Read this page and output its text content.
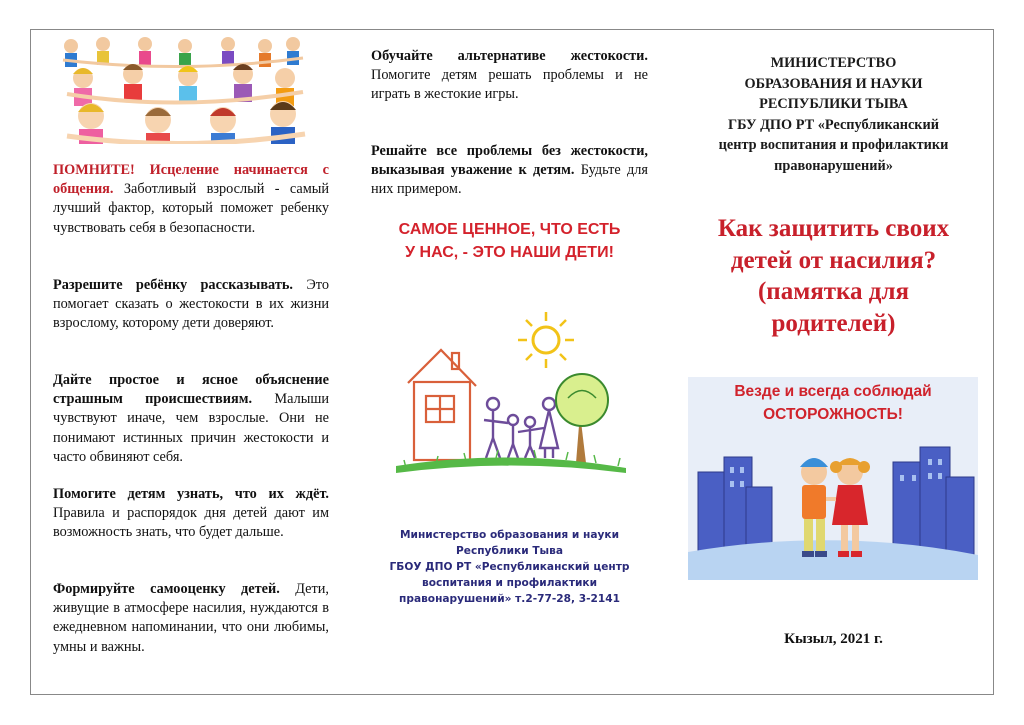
ПОМНИТЕ! Исцеление начинается с общения. Заботливый взрослый - самый лучший фактор, который поможет ребенку чувствовать себя в безопасности.

Разрешите ребёнку рассказывать. Это помогает сказать о жестокости в их жизни взрослому, которому дети доверяют.

Дайте простое и ясное объяснение страшным происшествиям. Малыши чувствуют иначе, чем взрослые. Они не понимают истинных причин жестокости и часто обвиняют себя.

Помогите детям узнать, что их ждёт. Правила и распорядок дня детей дают им возможность знать, что будет дальше.

Формируйте самооценку детей. Дети, живущие в атмосфере насилия, нуждаются в ежедневном напоминании, что они любимы, умны и важны.

Обучайте альтернативе жестокости. Помогите детям решать проблемы и не играть в жестокие игры.

Решайте все проблемы без жестокости, выказывая уважение к детям. Будьте для них примером.

САМОЕ ЦЕННОЕ, ЧТО ЕСТЬ
У НАС, - ЭТО НАШИ ДЕТИ!
Министерство образования и науки
Республики Тыва
ГБОУ ДПО РТ «Республиканский центр
воспитания и профилактики
правонарушений» т.2-77-28, 3-2141
МИНИСТЕРСТВО
ОБРАЗОВАНИЯ И НАУКИ
РЕСПУБЛИКИ ТЫВА
ГБУ ДПО РТ «Республиканский
центр воспитания и профилактики
правонарушений»
Как защитить своих
детей от насилия?
(памятка для
родителей)
Везде и всегда соблюдай
ОСТОРОЖНОСТЬ!
Кызыл, 2021 г.
